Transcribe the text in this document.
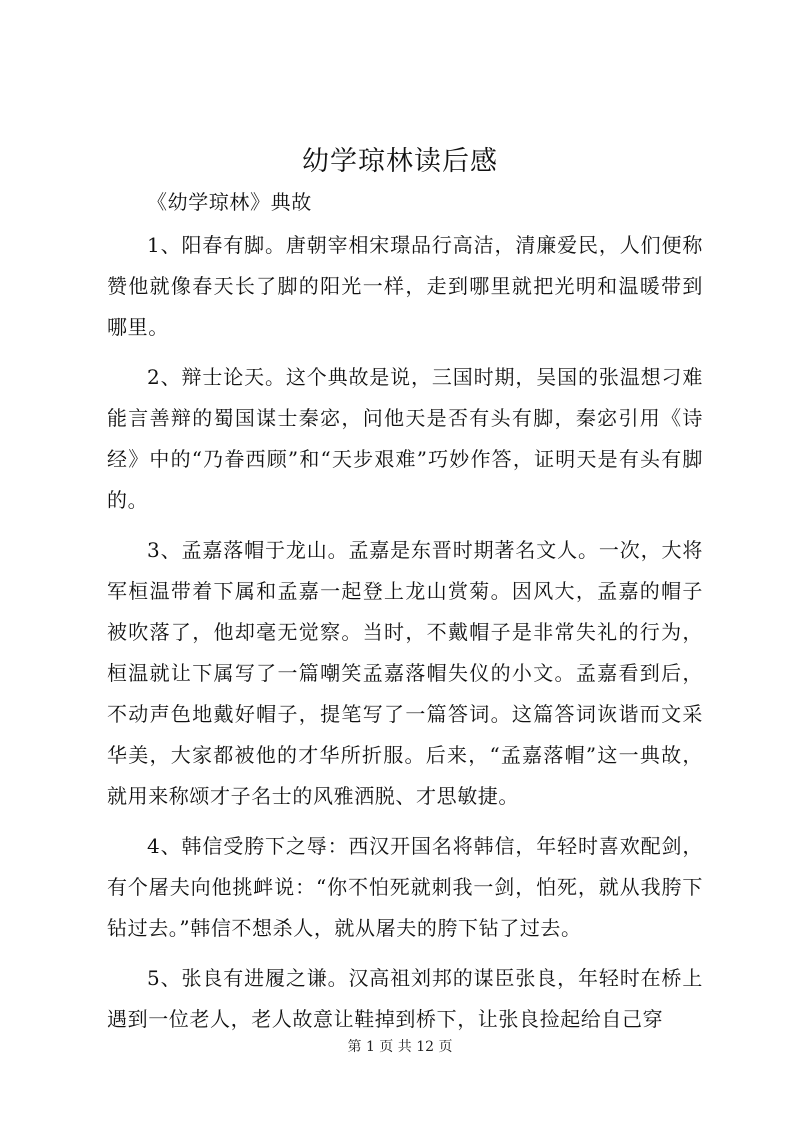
幼学琼林读后感

《幼学琼林》典故

1、阳春有脚。唐朝宰相宋璟品行高洁，清廉爱民，人们便称赞他就像春天长了脚的阳光一样，走到哪里就把光明和温暖带到哪里。

2、辩士论天。这个典故是说，三国时期，吴国的张温想刁难能言善辩的蜀国谋士秦宓，问他天是否有头有脚，秦宓引用《诗经》中的“乃眷西顾”和“天步艰难”巧妙作答，证明天是有头有脚的。

3、孟嘉落帽于龙山。孟嘉是东晋时期著名文人。一次，大将军桓温带着下属和孟嘉一起登上龙山赏菊。因风大，孟嘉的帽子被吹落了，他却毫无觉察。当时，不戴帽子是非常失礼的行为，桓温就让下属写了一篇嘲笑孟嘉落帽失仪的小文。孟嘉看到后，不动声色地戴好帽子，提笔写了一篇答词。这篇答词诙谐而文采华美，大家都被他的才华所折服。后来，“孟嘉落帽”这一典故，就用来称颂才子名士的风雅洒脱、才思敏捷。

4、韩信受胯下之辱：西汉开国名将韩信，年轻时喜欢配剑，有个屠夫向他挑衅说：“你不怕死就刺我一剑，怕死，就从我胯下钻过去。”韩信不想杀人，就从屠夫的胯下钻了过去。

5、张良有进履之谦。汉高祖刘邦的谋臣张良，年轻时在桥上遇到一位老人，老人故意让鞋掉到桥下，让张良捡起给自己穿

第 1 页 共 12 页
